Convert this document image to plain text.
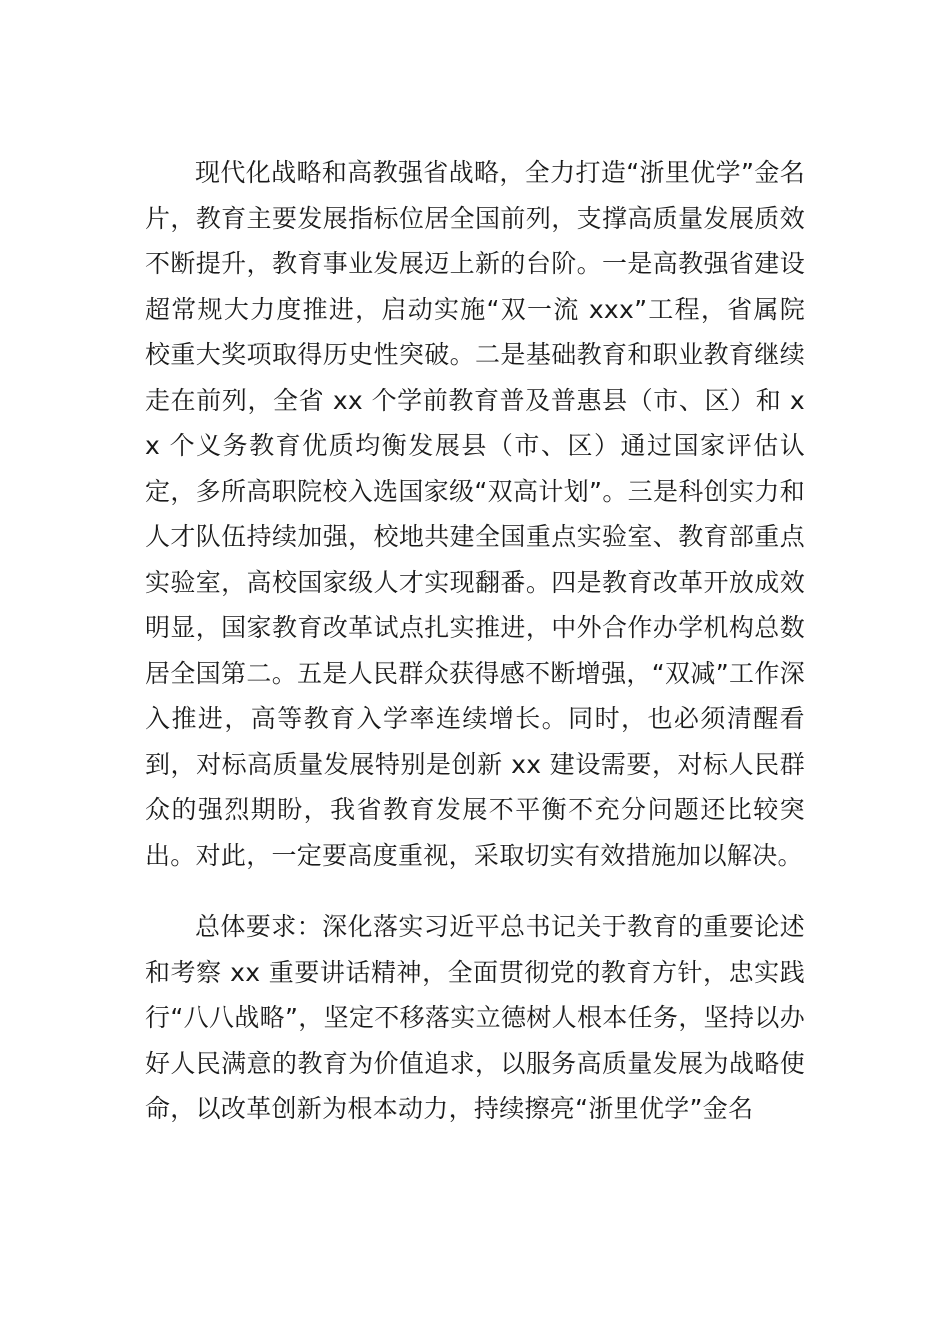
现代化战略和高教强省战略，全力打造“浙里优学”金名片，教育主要发展指标位居全国前列，支撑高质量发展质效不断提升，教育事业发展迈上新的台阶。一是高教强省建设超常规大力度推进，启动实施“双一流 xxx”工程，省属院校重大奖项取得历史性突破。二是基础教育和职业教育继续走在前列，全省 xx 个学前教育普及普惠县（市、区）和 xx 个义务教育优质均衡发展县（市、区）通过国家评估认定，多所高职院校入选国家级“双高计划”。三是科创实力和人才队伍持续加强，校地共建全国重点实验室、教育部重点实验室，高校国家级人才实现翻番。四是教育改革开放成效明显，国家教育改革试点扎实推进，中外合作办学机构总数居全国第二。五是人民群众获得感不断增强，“双减”工作深入推进，高等教育入学率连续增长。同时，也必须清醒看到，对标高质量发展特别是创新 xx 建设需要，对标人民群众的强烈期盼，我省教育发展不平衡不充分问题还比较突出。对此，一定要高度重视，采取切实有效措施加以解决。

总体要求：深化落实习近平总书记关于教育的重要论述和考察 xx 重要讲话精神，全面贯彻党的教育方针，忠实践行“八八战略”，坚定不移落实立德树人根本任务，坚持以办好人民满意的教育为价值追求，以服务高质量发展为战略使命，以改革创新为根本动力，持续擦亮“浙里优学”金名
